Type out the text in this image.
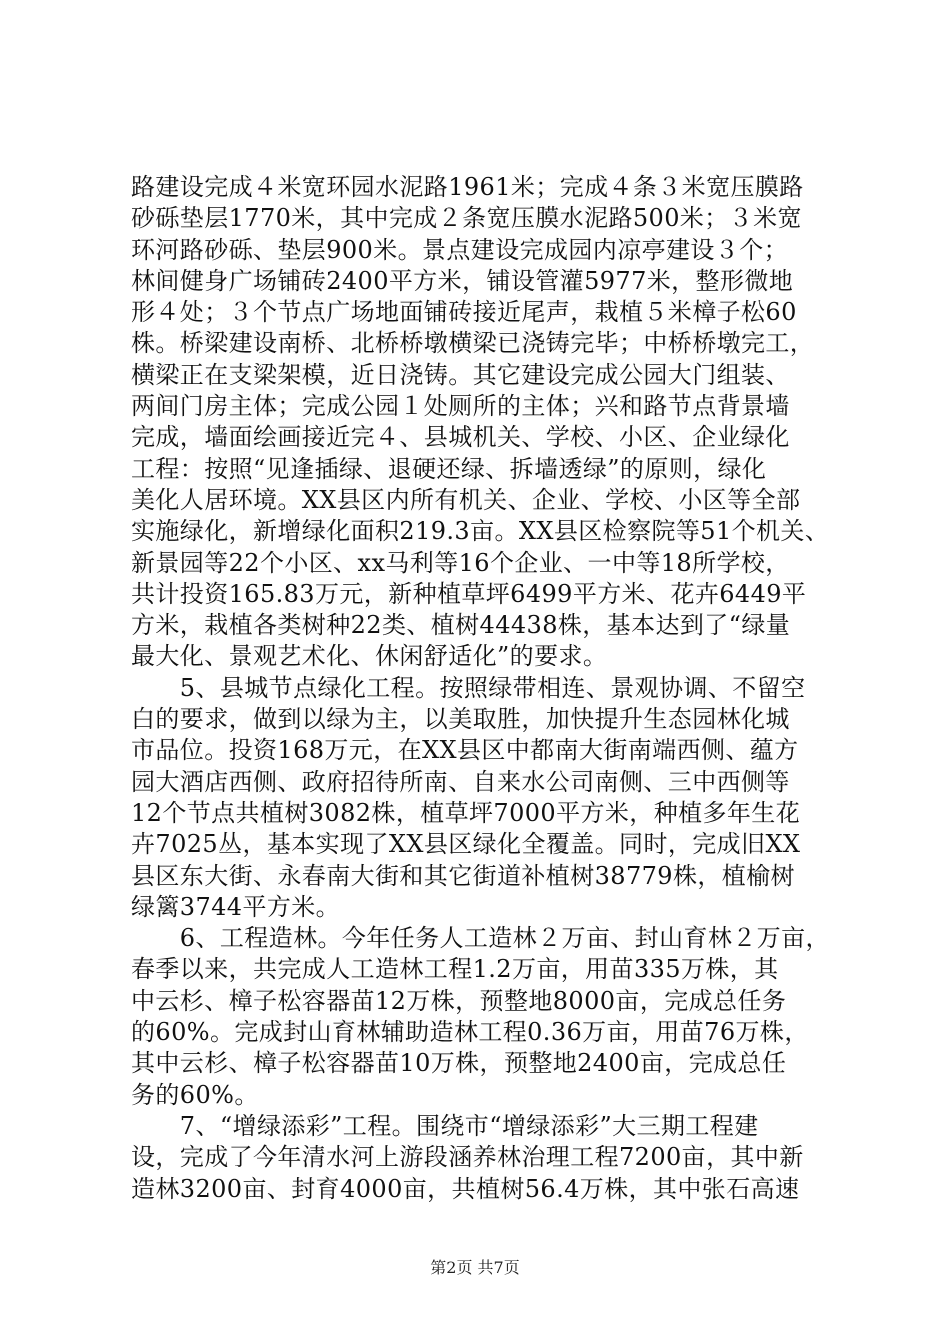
路建设完成４米宽环园水泥路1961米；完成４条３米宽压膜路
砂砾垫层1770米，其中完成２条宽压膜水泥路500米；３米宽
环河路砂砾、垫层900米。景点建设完成园内凉亭建设３个；
林间健身广场铺砖2400平方米，铺设管灌5977米，整形微地
形４处；３个节点广场地面铺砖接近尾声，栽植５米樟子松60
株。桥梁建设南桥、北桥桥墩横梁已浇铸完毕；中桥桥墩完工，
横梁正在支梁架模，近日浇铸。其它建设完成公园大门组装、
两间门房主体；完成公园１处厕所的主体；兴和路节点背景墙
完成，墙面绘画接近完４、县城机关、学校、小区、企业绿化
工程：按照“见逢插绿、退硬还绿、拆墙透绿”的原则，绿化
美化人居环境。XX县区内所有机关、企业、学校、小区等全部
实施绿化，新增绿化面积219.3亩。XX县区检察院等51个机关、
新景园等22个小区、xx马利等16个企业、一中等18所学校，
共计投资165.83万元，新种植草坪6499平方米、花卉6449平
方米，栽植各类树种22类、植树44438株，基本达到了“绿量
最大化、景观艺术化、休闲舒适化”的要求。
　　5、县城节点绿化工程。按照绿带相连、景观协调、不留空
白的要求，做到以绿为主，以美取胜，加快提升生态园林化城
市品位。投资168万元，在XX县区中都南大街南端西侧、蕴方
园大酒店西侧、政府招待所南、自来水公司南侧、三中西侧等
12个节点共植树3082株，植草坪7000平方米，种植多年生花
卉7025丛，基本实现了XX县区绿化全覆盖。同时，完成旧XX
县区东大街、永春南大街和其它街道补植树38779株，植榆树
绿篱3744平方米。
　　6、工程造林。今年任务人工造林２万亩、封山育林２万亩，
春季以来，共完成人工造林工程1.2万亩，用苗335万株，其
中云杉、樟子松容器苗12万株，预整地8000亩，完成总任务
的60%。完成封山育林辅助造林工程0.36万亩，用苗76万株，
其中云杉、樟子松容器苗10万株，预整地2400亩，完成总任
务的60%。
　　7、“增绿添彩”工程。围绕市“增绿添彩”大三期工程建
设，完成了今年清水河上游段涵养林治理工程7200亩，其中新
造林3200亩、封育4000亩，共植树56.4万株，其中张石高速

第2页 共7页
